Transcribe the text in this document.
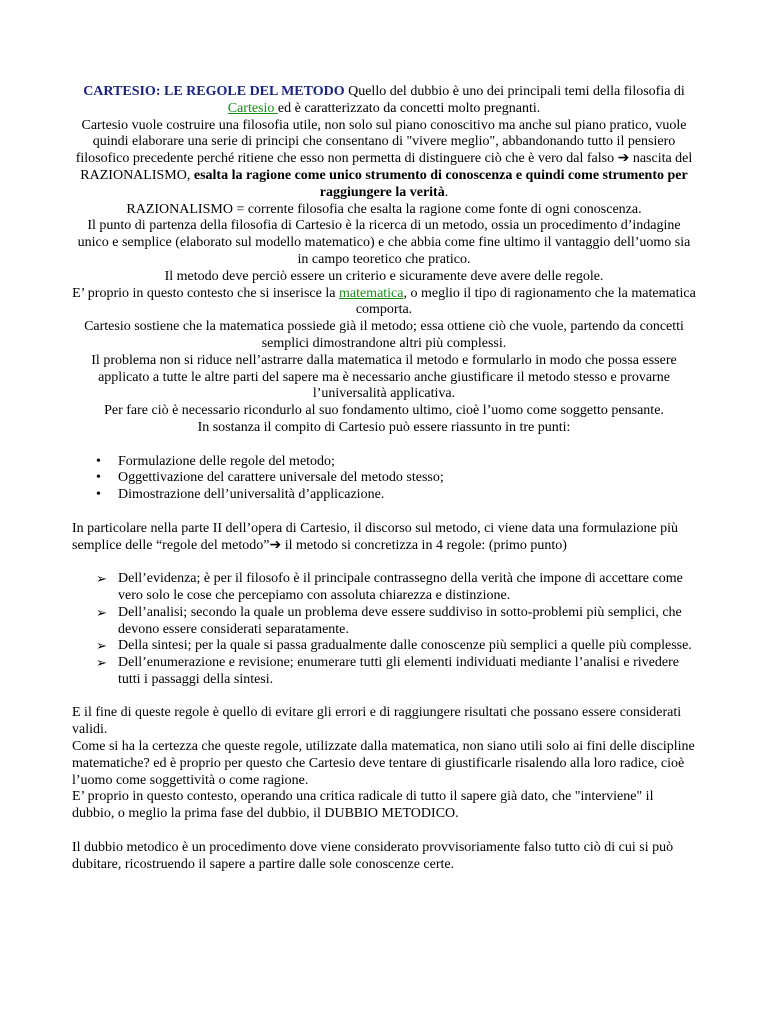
CARTESIO: LE REGOLE DEL METODO Quello del dubbio è uno dei principali temi della filosofia di Cartesio ed è caratterizzato da concetti molto pregnanti.
Cartesio vuole costruire una filosofia utile, non solo sul piano conoscitivo ma anche sul piano pratico, vuole quindi elaborare una serie di principi che consentano di "vivere meglio", abbandonando tutto il pensiero filosofico precedente perché ritiene che esso non permetta di distinguere ciò che è vero dal falso ➔ nascita del RAZIONALISMO, esalta la ragione come unico strumento di conoscenza e quindi come strumento per raggiungere la verità.
RAZIONALISMO = corrente filosofia che esalta la ragione come fonte di ogni conoscenza.
Il punto di partenza della filosofia di Cartesio è la ricerca di un metodo, ossia un procedimento d’indagine unico e semplice (elaborato sul modello matematico) e che abbia come fine ultimo il vantaggio dell’uomo sia in campo teoretico che pratico.
Il metodo deve perciò essere un criterio e sicuramente deve avere delle regole.
E’ proprio in questo contesto che si inserisce la matematica, o meglio il tipo di ragionamento che la matematica comporta.
Cartesio sostiene che la matematica possiede già il metodo; essa ottiene ciò che vuole, partendo da concetti semplici dimostrandone altri più complessi.
Il problema non si riduce nell’astrarre dalla matematica il metodo e formularlo in modo che possa essere applicato a tutte le altre parti del sapere ma è necessario anche giustificare il metodo stesso e provarne l’universalità applicativa.
Per fare ciò è necessario ricondurlo al suo fondamento ultimo, cioè l’uomo come soggetto pensante.
In sostanza il compito di Cartesio può essere riassunto in tre punti:
• Formulazione delle regole del metodo;
• Oggettivazione del carattere universale del metodo stesso;
• Dimostrazione dell’universalità d’applicazione.
In particolare nella parte II dell’opera di Cartesio, il discorso sul metodo, ci viene data una formulazione più semplice delle “regole del metodo”➔ il metodo si concretizza in 4 regole: (primo punto)
➢ Dell’evidenza; è per il filosofo è il principale contrassegno della verità che impone di accettare come vero solo le cose che percepiamo con assoluta chiarezza e distinzione.
➢ Dell’analisi; secondo la quale un problema deve essere suddiviso in sotto-problemi più semplici, che devono essere considerati separatamente.
➢ Della sintesi; per la quale si passa gradualmente dalle conoscenze più semplici a quelle più complesse.
➢ Dell’enumerazione e revisione; enumerare tutti gli elementi individuati mediante l’analisi e rivedere tutti i passaggi della sintesi.
E il fine di queste regole è quello di evitare gli errori e di raggiungere risultati che possano essere considerati validi.
Come si ha la certezza che queste regole, utilizzate dalla matematica, non siano utili solo ai fini delle discipline matematiche? ed è proprio per questo che Cartesio deve tentare di giustificarle risalendo alla loro radice, cioè l’uomo come soggettività o come ragione.
E’ proprio in questo contesto, operando una critica radicale di tutto il sapere già dato, che "interviene" il dubbio, o meglio la prima fase del dubbio, il DUBBIO METODICO.
Il dubbio metodico è un procedimento dove viene considerato provvisoriamente falso tutto ciò di cui si può dubitare, ricostruendo il sapere a partire dalle sole conoscenze certe.
